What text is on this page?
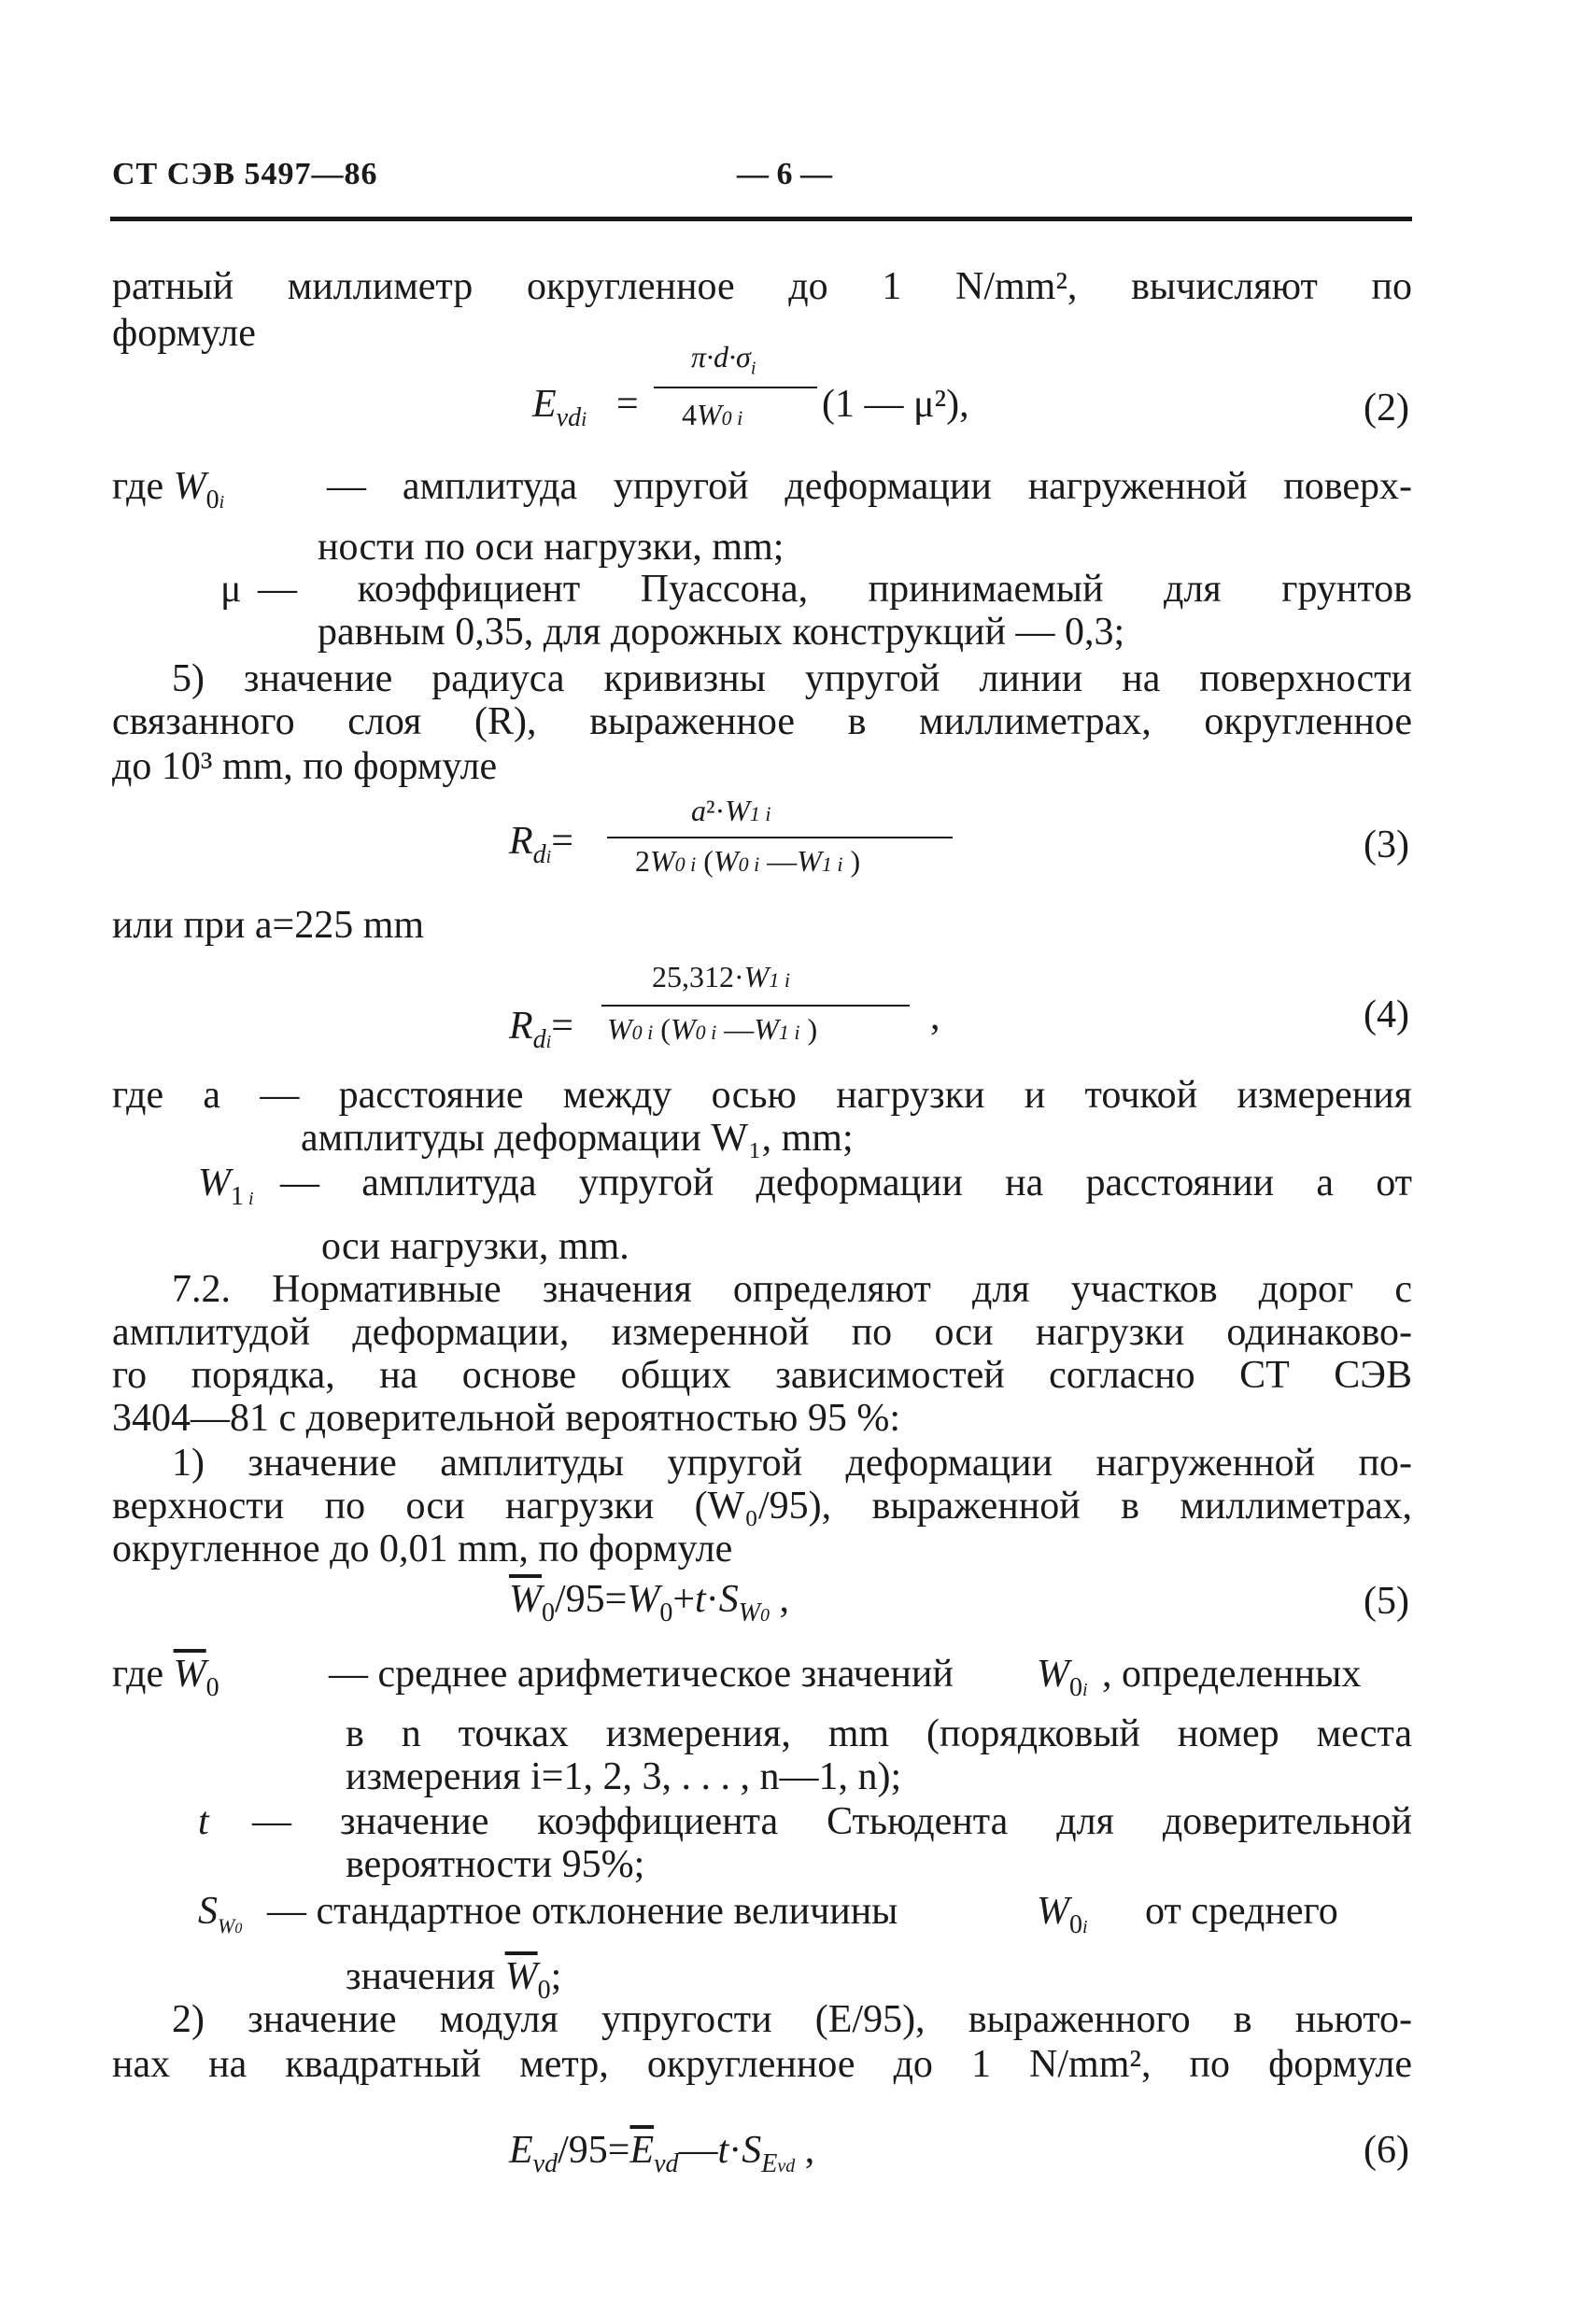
СТ СЭВ 5497—86	— 6 —
ратный миллиметр округленное до 1 N/mm², вычисляют по
формуле
$E_{vdi}$ =
$\pi\cdot d\cdot\sigma_i$
4W0 i (1 — μ²),	(2)
где $W_{0i}$	— амплитуда упругой деформации нагруженной поверх-
ности по оси нагрузки, mm;
μ — коэффициент Пуассона, принимаемый для грунтов
равным 0,35, для дорожных конструкций — 0,3;
5) значение радиуса кривизны упругой линии на поверхности
связанного слоя (R), выраженное в миллиметрах, округленное
до 10³ mm, по формуле
$R_{di}=$
a²·W1 i
2W0 i (W0 i —W1 i )	(3)
или при a=225 mm
$R_{di}=$
25,312·W1 i
W0 i (W0 i —W1 i )	,	(4)
где a — расстояние между осью нагрузки и точкой измерения
амплитуды деформации W₁, mm;
$W_{1 i}$ — амплитуда упругой деформации на расстоянии a от
оси нагрузки, mm.
7.2. Нормативные значения определяют для участков дорог с
амплитудой деформации, измеренной по оси нагрузки одинаково-
го порядка, на основе общих зависимостей согласно СТ СЭВ
3404—81 с доверительной вероятностью 95 %:
1) значение амплитуды упругой деформации нагруженной по-
верхности по оси нагрузки (W₀/95), выраженной в миллиметрах,
округленное до 0,01 mm, по формуле
$\overline{W}_0/95=W_0+t\cdot S_{W0}$ ,	(5)
где $\overline{W}_0$	— среднее арифметическое значений $W_{0i}$ , определенных
в n точках измерения, mm (порядковый номер места
измерения i=1, 2, 3, . . . , n—1, n);
t — значение коэффициента Стьюдента для доверительной
вероятности 95%;
$S_{W0}$ — стандартное отклонение величины	$W_{0i}$ от среднего
значения $\overline{W}_0$;
2) значение модуля упругости (E/95), выраженного в ньюто-
нах на квадратный метр, округленное до 1 N/mm², по формуле
$E_{vd}/95=\overline{E}_{vd}—t\cdot S_{Evd}$ ,	(6)
